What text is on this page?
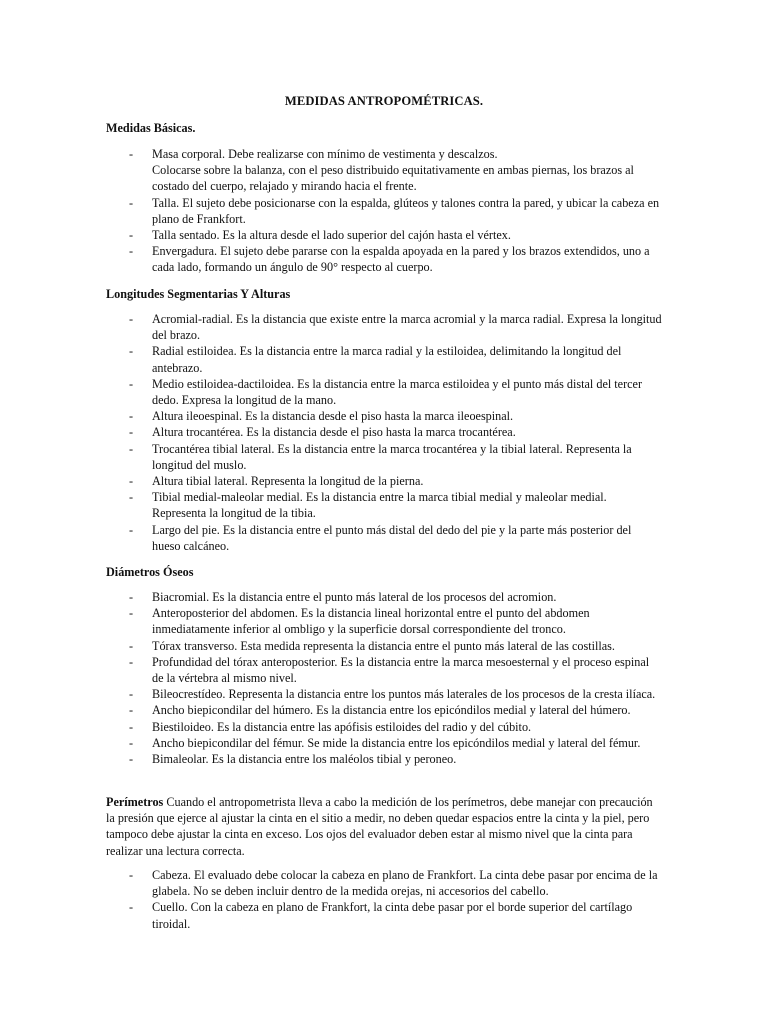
MEDIDAS ANTROPOMÉTRICAS.
Medidas Básicas.
- Masa corporal. Debe realizarse con mínimo de vestimenta y descalzos.
Colocarse sobre la balanza, con el peso distribuido equitativamente en ambas piernas, los brazos al costado del cuerpo, relajado y mirando hacia el frente.
- Talla. El sujeto debe posicionarse con la espalda, glúteos y talones contra la pared, y ubicar la cabeza en plano de Frankfort.
- Talla sentado. Es la altura desde el lado superior del cajón hasta el vértex.
- Envergadura. El sujeto debe pararse con la espalda apoyada en la pared y los brazos extendidos, uno a cada lado, formando un ángulo de 90° respecto al cuerpo.
Longitudes Segmentarias Y Alturas
- Acromial-radial. Es la distancia que existe entre la marca acromial y la marca radial. Expresa la longitud del brazo.
- Radial estiloidea. Es la distancia entre la marca radial y la estiloidea, delimitando la longitud del antebrazo.
- Medio estiloidea-dactiloidea. Es la distancia entre la marca estiloidea y el punto más distal del tercer dedo. Expresa la longitud de la mano.
- Altura ileoespinal. Es la distancia desde el piso hasta la marca ileoespinal.
- Altura trocantérea. Es la distancia desde el piso hasta la marca trocantérea.
- Trocantérea tibial lateral. Es la distancia entre la marca trocantérea y la tibial lateral. Representa la longitud del muslo.
- Altura tibial lateral. Representa la longitud de la pierna.
- Tibial medial-maleolar medial. Es la distancia entre la marca tibial medial y maleolar medial. Representa la longitud de la tibia.
- Largo del pie. Es la distancia entre el punto más distal del dedo del pie y la parte más posterior del hueso calcáneo.
Diámetros Óseos
- Biacromial. Es la distancia entre el punto más lateral de los procesos del acromion.
- Anteroposterior del abdomen. Es la distancia lineal horizontal entre el punto del abdomen inmediatamente inferior al ombligo y la superficie dorsal correspondiente del tronco.
- Tórax transverso. Esta medida representa la distancia entre el punto más lateral de las costillas.
- Profundidad del tórax anteroposterior. Es la distancia entre la marca mesoesternal y el proceso espinal de la vértebra al mismo nivel.
- Bileocrestídeo. Representa la distancia entre los puntos más laterales de los procesos de la cresta ilíaca.
- Ancho biepicondilar del húmero. Es la distancia entre los epicóndilos medial y lateral del húmero.
- Biestiloideo. Es la distancia entre las apófisis estiloides del radio y del cúbito.
- Ancho biepicondilar del fémur. Se mide la distancia entre los epicóndilos medial y lateral del fémur.
- Bimaleolar. Es la distancia entre los maléolos tibial y peroneo.

Perímetros Cuando el antropometrista lleva a cabo la medición de los perímetros, debe manejar con precaución la presión que ejerce al ajustar la cinta en el sitio a medir, no deben quedar espacios entre la cinta y la piel, pero tampoco debe ajustar la cinta en exceso. Los ojos del evaluador deben estar al mismo nivel que la cinta para realizar una lectura correcta.

- Cabeza. El evaluado debe colocar la cabeza en plano de Frankfort. La cinta debe pasar por encima de la glabela. No se deben incluir dentro de la medida orejas, ni accesorios del cabello.
- Cuello. Con la cabeza en plano de Frankfort, la cinta debe pasar por el borde superior del cartílago tiroidal.
